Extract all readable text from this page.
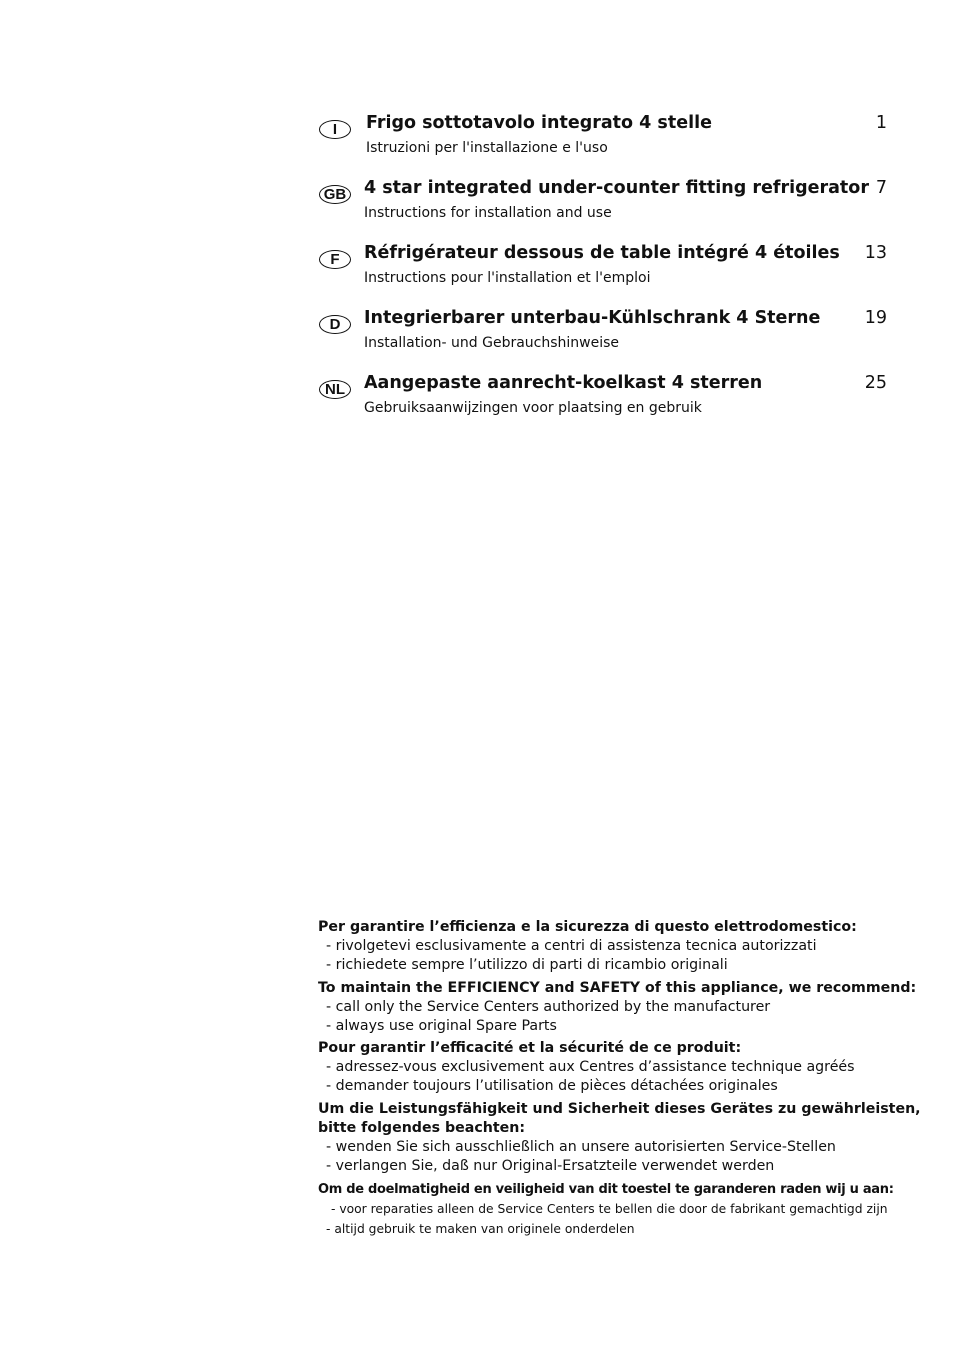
I	Frigo sottotavolo integrato 4 stelle
Istruzioni per l'installazione e l'uso
1
GB 4 star integrated under-counter fitting refrigerator
Instructions for installation and use
7
F	Réfrigérateur dessous de table intégré 4 étoiles
Instructions pour l'installation et l'emploi
13
D	Integrierbarer unterbau-Kühlschrank 4 Sterne
Installation- und Gebrauchshinweise
19
NL	Aangepaste aanrecht-koelkast 4 sterren
Gebruiksaanwijzingen voor plaatsing en gebruik
25
Per garantire l’efficienza e la sicurezza di questo elettrodomestico:
- rivolgetevi esclusivamente a centri di assistenza tecnica autorizzati
- richiedete sempre l’utilizzo di parti di ricambio originali
To maintain the EFFICIENCY and SAFETY of this appliance, we recommend:
- call only the Service Centers authorized by the manufacturer
- always use original Spare Parts
Pour garantir l’efficacité et la sécurité de ce produit:
- adressez-vous exclusivement aux Centres d’assistance technique agréés
- demander toujours l’utilisation de pièces détachées originales
Um die Leistungsfähigkeit und Sicherheit dieses Gerätes zu gewährleisten,
bitte folgendes beachten:
- wenden Sie sich ausschließlich an unsere autorisierten Service-Stellen
- verlangen Sie, daß nur Original-Ersatzteile verwendet werden
Om de doelmatigheid en veiligheid van dit toestel te garanderen raden wij u aan:
- voor reparaties alleen de Service Centers te bellen die door de fabrikant gemachtigd zijn
- altijd gebruik te maken van originele onderdelen
